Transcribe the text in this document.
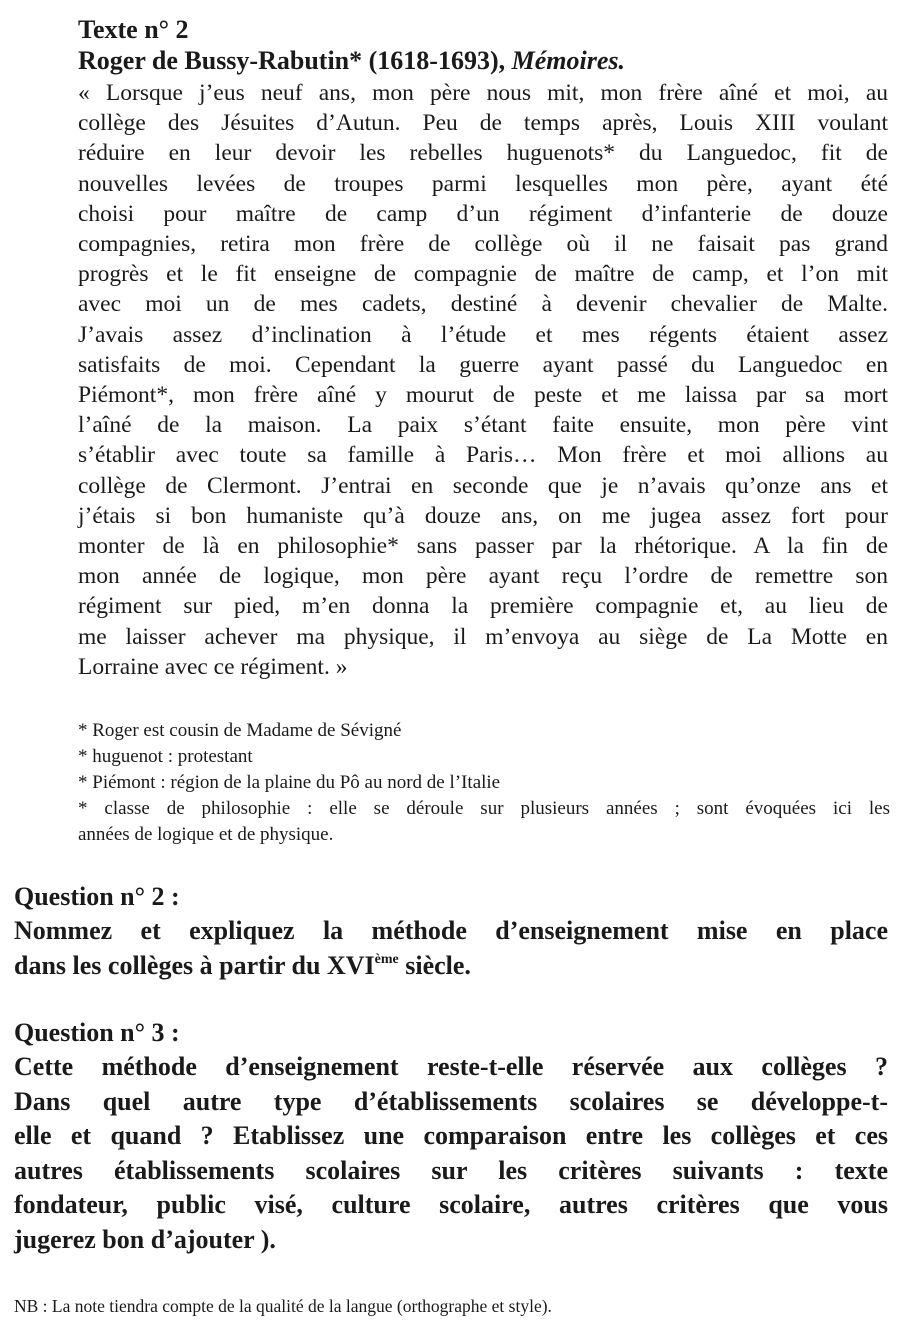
Texte n° 2

Roger de Bussy-Rabutin* (1618-1693), Mémoires.

« Lorsque j’eus neuf ans, mon père nous mit, mon frère aîné et moi, au
collège des Jésuites d’Autun. Peu de temps après, Louis XIII voulant
réduire en leur devoir les rebelles huguenots* du Languedoc, fit de
nouvelles levées de troupes parmi lesquelles mon père, ayant été
choisi pour maître de camp d’un régiment d’infanterie de douze
compagnies, retira mon frère de collège où il ne faisait pas grand
progrès et le fit enseigne de compagnie de maître de camp, et l’on mit
avec moi un de mes cadets, destiné à devenir chevalier de Malte.
J’avais assez d’inclination à l’étude et mes régents étaient assez
satisfaits de moi. Cependant la guerre ayant passé du Languedoc en
Piémont*, mon frère aîné y mourut de peste et me laissa par sa mort
l’aîné de la maison. La paix s’étant faite ensuite, mon père vint
s’établir avec toute sa famille à Paris… Mon frère et moi allions au
collège de Clermont. J’entrai en seconde que je n’avais qu’onze ans et
j’étais si bon humaniste qu’à douze ans, on me jugea assez fort pour
monter de là en philosophie* sans passer par la rhétorique. A la fin de
mon année de logique, mon père ayant reçu l’ordre de remettre son
régiment sur pied, m’en donna la première compagnie et, au lieu de
me laisser achever ma physique, il m’envoya au siège de La Motte en
Lorraine avec ce régiment. »
* Roger est cousin de Madame de Sévigné
* huguenot : protestant
* Piémont : région de la plaine du Pô au nord de l’Italie
* classe de philosophie : elle se déroule sur plusieurs années ; sont évoquées ici les
années de logique et de physique.

Question n° 2 :

Nommez et expliquez la méthode d’enseignement mise en place
dans les collèges à partir du XVIème siècle.

Question n° 3 :

Cette méthode d’enseignement reste-t-elle réservée aux collèges ?
Dans quel autre type d’établissements scolaires se développe-t-
elle et quand ? Etablissez une comparaison entre les collèges et ces
autres établissements scolaires sur les critères suivants : texte
fondateur, public visé, culture scolaire, autres critères que vous
jugerez bon d’ajouter ).
NB : La note tiendra compte de la qualité de la langue (orthographe et style).
